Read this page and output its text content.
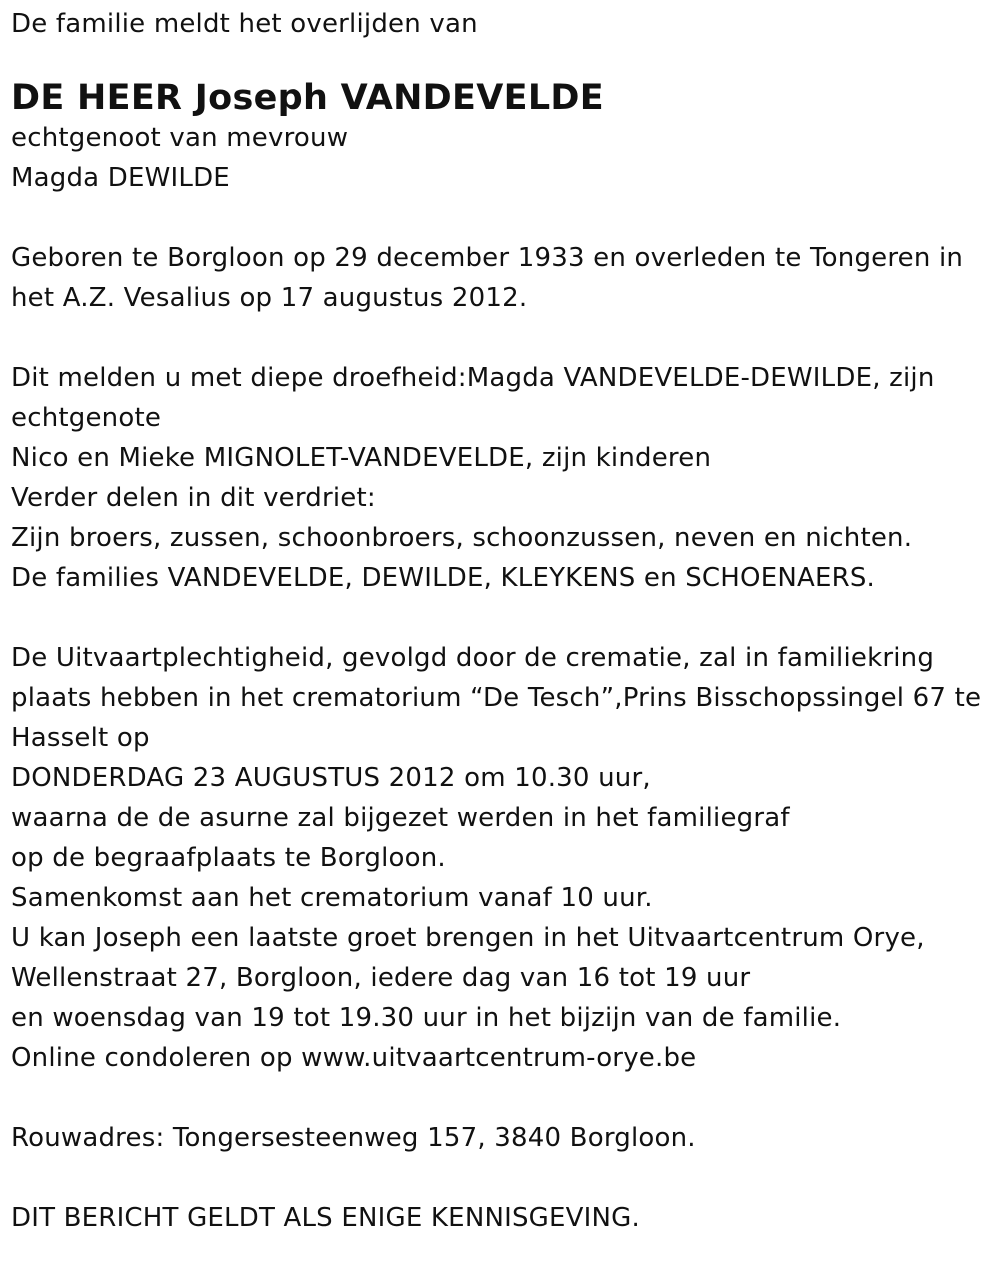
De familie meldt het overlijden van
DE HEER Joseph VANDEVELDE
echtgenoot van mevrouw
Magda DEWILDE
Geboren te Borgloon op 29 december 1933 en overleden te Tongeren in
het A.Z. Vesalius op 17 augustus 2012.
Dit melden u met diepe droefheid:Magda VANDEVELDE-DEWILDE, zijn
echtgenote
Nico en Mieke MIGNOLET-VANDEVELDE, zijn kinderen
Verder delen in dit verdriet:
Zijn broers, zussen, schoonbroers, schoonzussen, neven en nichten.
De families VANDEVELDE, DEWILDE, KLEYKENS en SCHOENAERS.
De Uitvaartplechtigheid, gevolgd door de crematie, zal in familiekring
plaats hebben in het crematorium “De Tesch”,Prins Bisschopssingel 67 te
Hasselt op
DONDERDAG 23 AUGUSTUS 2012 om 10.30 uur,
waarna de de asurne zal bijgezet werden in het familiegraf
op de begraafplaats te Borgloon.
Samenkomst aan het crematorium vanaf 10 uur.
U kan Joseph een laatste groet brengen in het Uitvaartcentrum Orye,
Wellenstraat 27, Borgloon, iedere dag van 16 tot 19 uur
en woensdag van 19 tot 19.30 uur in het bijzijn van de familie.
Online condoleren op www.uitvaartcentrum-orye.be
Rouwadres: Tongersesteenweg 157, 3840 Borgloon.
DIT BERICHT GELDT ALS ENIGE KENNISGEVING.
